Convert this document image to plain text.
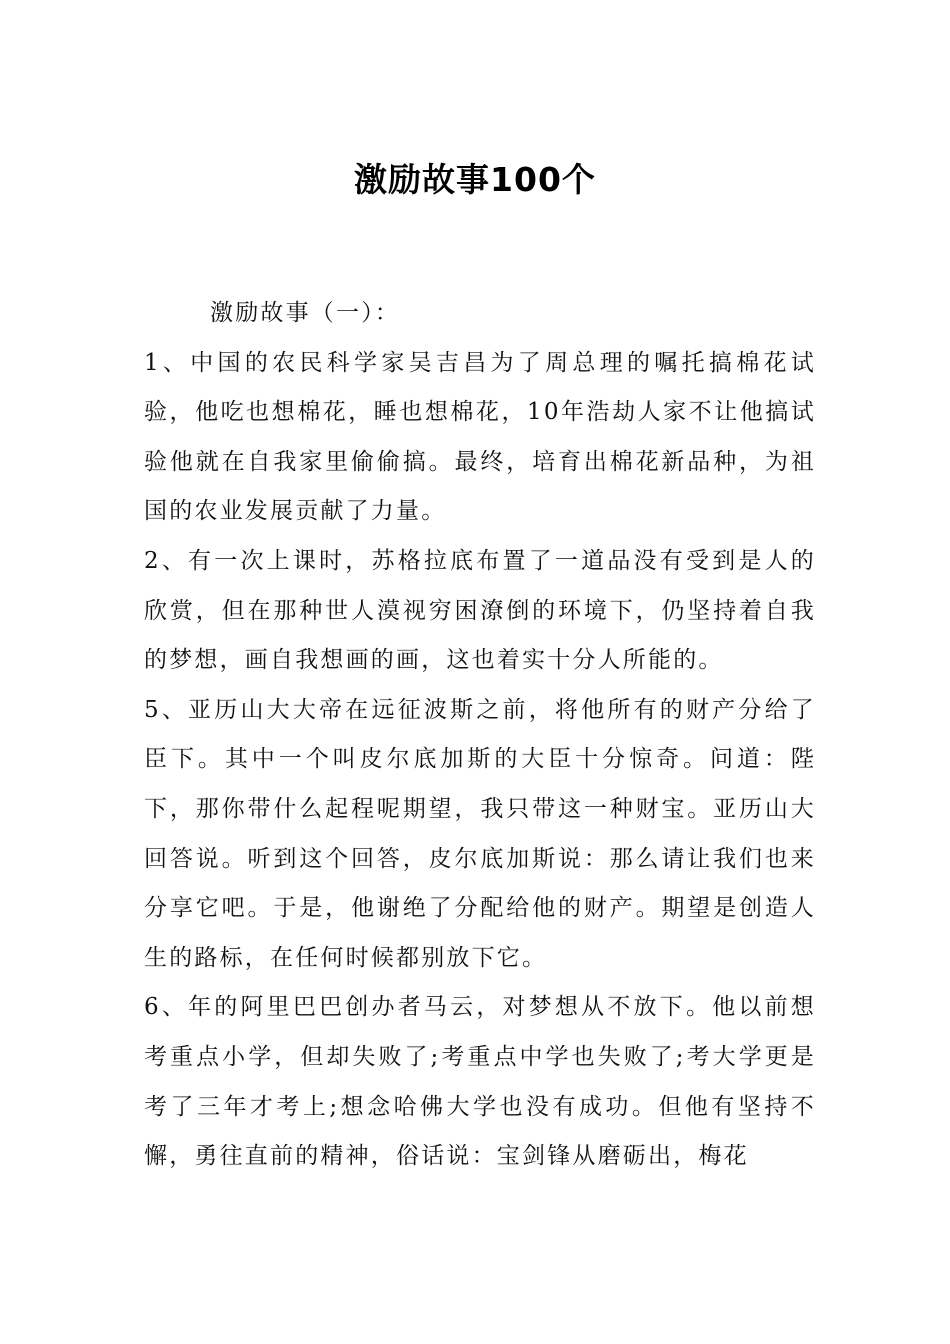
激励故事100个

激励故事（一）：

1、中国的农民科学家吴吉昌为了周总理的嘱托搞棉花试验，他吃也想棉花，睡也想棉花，10年浩劫人家不让他搞试验他就在自我家里偷偷搞。最终，培育出棉花新品种，为祖国的农业发展贡献了力量。

2、有一次上课时，苏格拉底布置了一道品没有受到是人的欣赏，但在那种世人漠视穷困潦倒的环境下，仍坚持着自我的梦想，画自我想画的画，这也着实十分人所能的。

5、亚历山大大帝在远征波斯之前，将他所有的财产分给了臣下。其中一个叫皮尔底加斯的大臣十分惊奇。问道：陛下，那你带什么起程呢期望，我只带这一种财宝。亚历山大回答说。听到这个回答，皮尔底加斯说：那么请让我们也来分享它吧。于是，他谢绝了分配给他的财产。期望是创造人生的路标，在任何时候都别放下它。

6、年的阿里巴巴创办者马云，对梦想从不放下。他以前想考重点小学，但却失败了;考重点中学也失败了;考大学更是考了三年才考上;想念哈佛大学也没有成功。但他有坚持不懈，勇往直前的精神，俗话说：宝剑锋从磨砺出，梅花
